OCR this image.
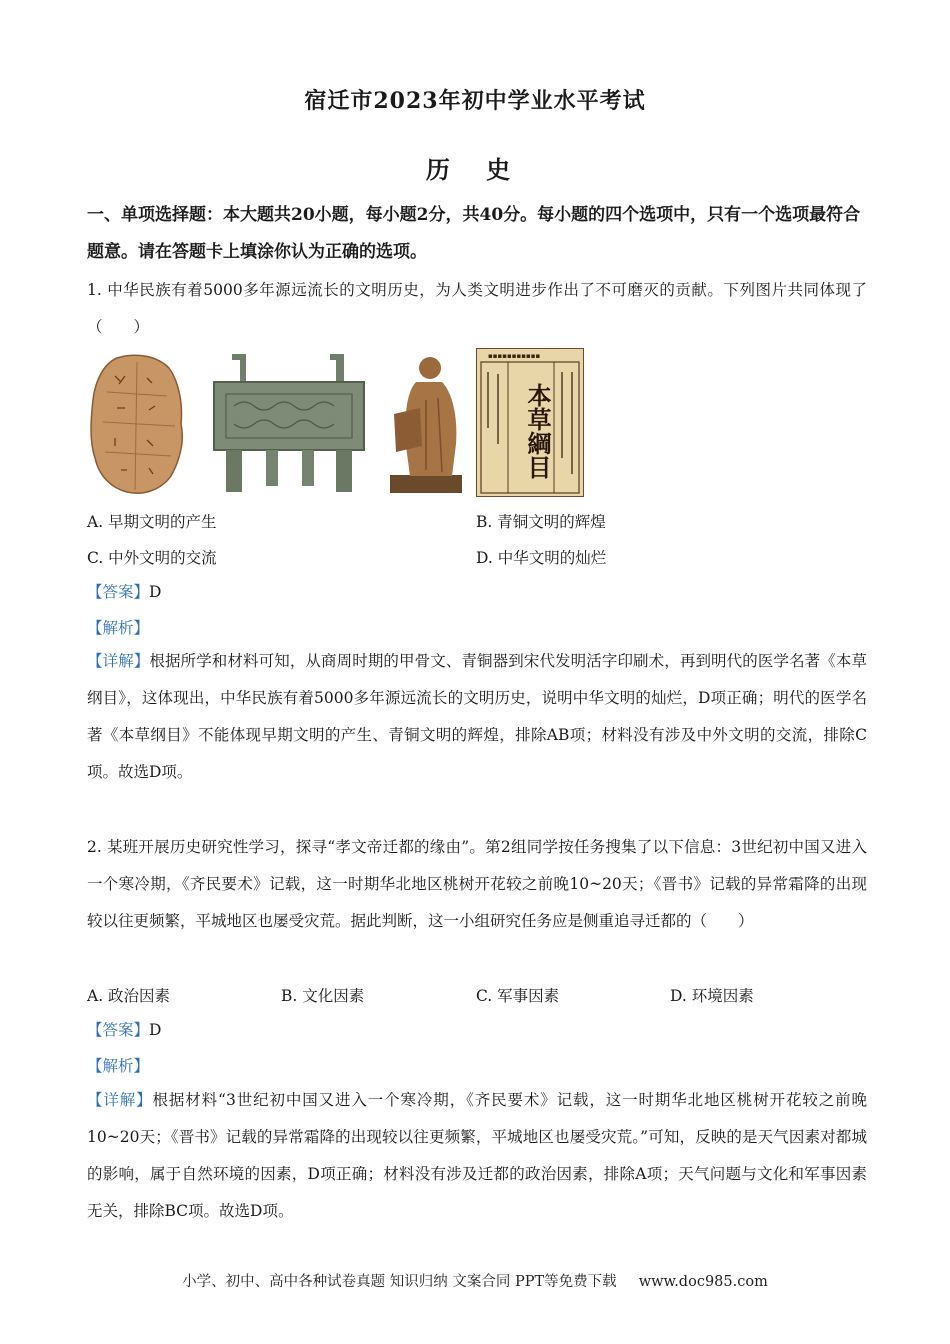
宿迁市2023年初中学业水平考试
历 史
一、单项选择题：本大题共20小题，每小题2分，共40分。每小题的四个选项中，只有一个选项最符合题意。请在答题卡上填涂你认为正确的选项。
1. 中华民族有着5000多年源远流长的文明历史，为人类文明进步作出了不可磨灭的贡献。下列图片共同体现了（　　）
▪▪▪▪▪▪▪▪▪▪▪
本草綱目
A. 早期文明的产生	B. 青铜文明的辉煌
C. 中外文明的交流	D. 中华文明的灿烂
【答案】D
【解析】
【详解】根据所学和材料可知，从商周时期的甲骨文、青铜器到宋代发明活字印刷术，再到明代的医学名著《本草纲目》，这体现出，中华民族有着5000多年源远流长的文明历史，说明中华文明的灿烂，D项正确；明代的医学名著《本草纲目》不能体现早期文明的产生、青铜文明的辉煌，排除AB项；材料没有涉及中外文明的交流，排除C项。故选D项。
2. 某班开展历史研究性学习，探寻“孝文帝迁都的缘由”。第2组同学按任务搜集了以下信息：3世纪初中国又进入一个寒冷期，《齐民要术》记载，这一时期华北地区桃树开花较之前晚10~20天；《晋书》记载的异常霜降的出现较以往更频繁，平城地区也屡受灾荒。据此判断，这一小组研究任务应是侧重追寻迁都的（　　）
A. 政治因素	B. 文化因素	C. 军事因素	D. 环境因素
【答案】D
【解析】
【详解】根据材料“3世纪初中国又进入一个寒冷期，《齐民要术》记载，这一时期华北地区桃树开花较之前晚10~20天；《晋书》记载的异常霜降的出现较以往更频繁，平城地区也屡受灾荒。”可知，反映的是天气因素对都城的影响，属于自然环境的因素，D项正确；材料没有涉及迁都的政治因素，排除A项；天气问题与文化和军事因素无关，排除BC项。故选D项。
小学、初中、高中各种试卷真题 知识归纳 文案合同 PPT等免费下载 www.doc985.com
